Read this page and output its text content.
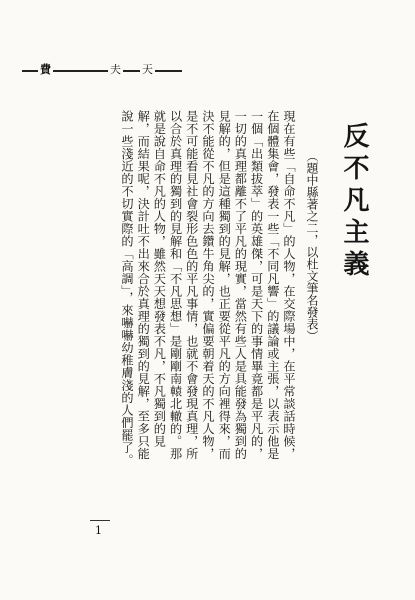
費	夫 天
反不凡主義
（題中縣著之二，以杜文筆名發表）

現在有些「自命不凡」的人物，在交際場中，在平常談話時候，在個體集會，發表一些「不同凡響」的議論或主張，以表示他是一個「出類拔萃」的英雄傑，可是天下的事情畢竟都是平凡的，一切的真理都離不了平凡的現實，當然有些人是具能發為獨到的見解的，但是這種獨到的見解，也正要從平凡的方向裡得來，而決不能從不凡的方向去鑽牛角尖的，實偏要朝着天的不凡人物，是不可能看見社會裂形色色的平凡事情，也就不會發現真理，所以合於真理的獨到的見解和「不凡思想」是剛剛南轅北轍的。那就是說自命不凡的人物，雖然天天想發表不凡，不凡獨到的見解，而結果呢，決計吐不出來合於真理的獨到的見解，至多只能說一些淺近的不切實際的「高調」，來嚇嚇幼稚膚淺的人們罷了。

1
